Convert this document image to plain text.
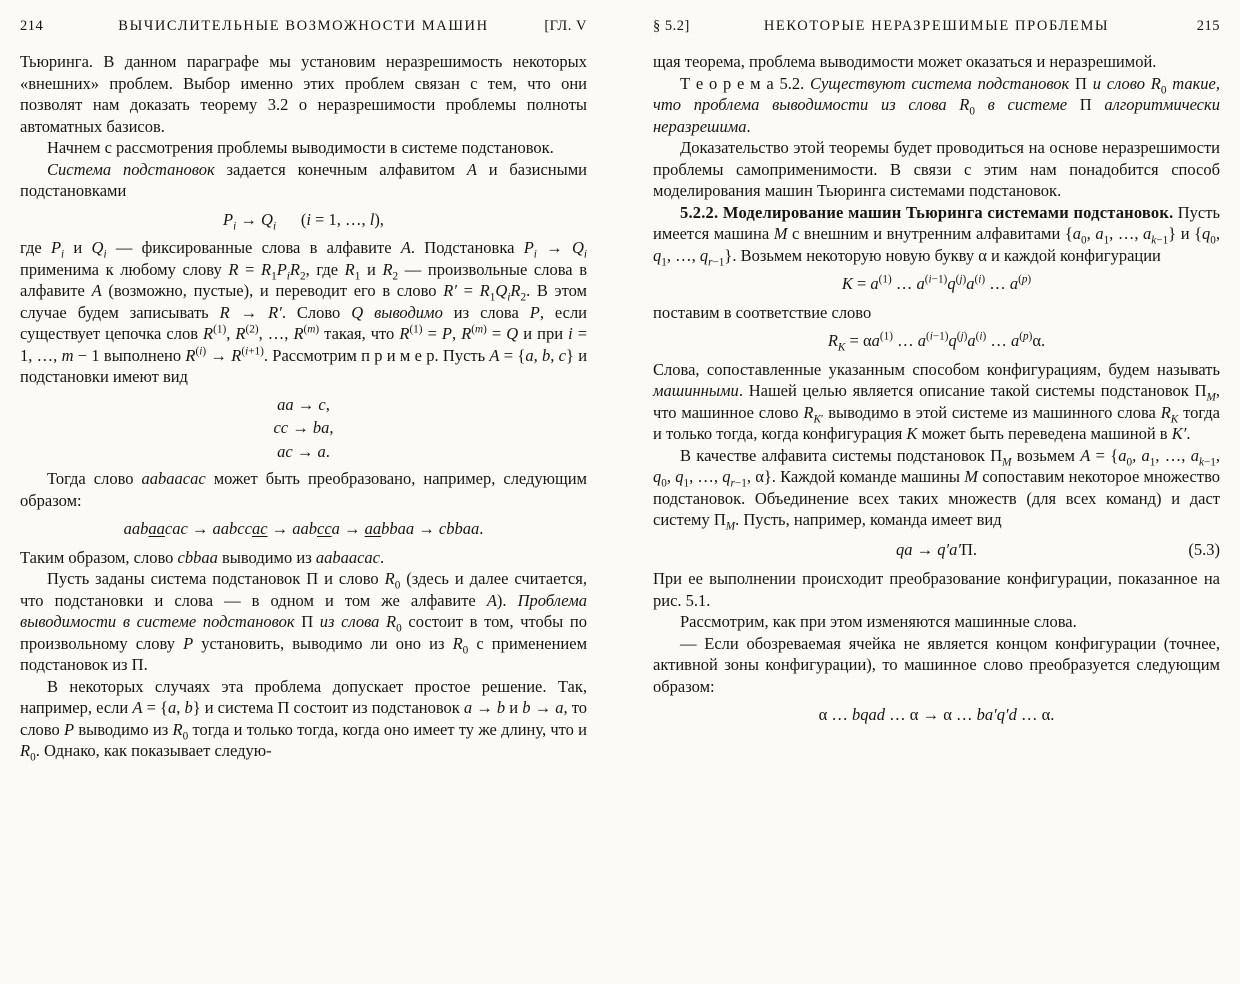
214	ВЫЧИСЛИТЕЛЬНЫЕ ВОЗМОЖНОСТИ МАШИН	[ГЛ. V

Тьюринга. В данном параграфе мы установим неразрешимость некоторых «внешних» проблем. Выбор именно этих проблем связан с тем, что они позволят нам доказать теорему 3.2 о неразрешимости проблемы полноты автоматных базисов.

Начнем с рассмотрения проблемы выводимости в системе подстановок.

Система подстановок задается конечным алфавитом A и базисными подстановками

$P_i \to Q_i$      (i = 1, …, l),

где $P_i$ и $Q_i$ — фиксированные слова в алфавите A. Подстановка $P_i \to Q_i$ применима к любому слову $R = R_1P_iR_2$, где $R_1$ и $R_2$ — произвольные слова в алфавите A (возможно, пустые), и переводит его в слово $R' = R_1Q_iR_2$. В этом случае будем записывать R → R′. Слово Q выводимо из слова P, если существует цепочка слов $R^{(1)}$, $R^{(2)}$, …, $R^{(m)}$ такая, что $R^{(1)} = P$, $R^{(m)} = Q$ и при i = 1, …, m − 1 выполнено $R^{(i)} \to R^{(i+1)}$. Рассмотрим п р и м е р. Пусть A = {a, b, c} и подстановки имеют вид

aa → c,
cc → ba,
ac → a.

Тогда слово aabaacac может быть преобразовано, например, следующим образом:

aabaacac → aabccac → aabcca → aabbaa → cbbaa.

Таким образом, слово cbbaa выводимо из aabaacac.

Пусть заданы система подстановок П и слово $R_0$ (здесь и далее считается, что подстановки и слова — в одном и том же алфавите A). Проблема выводимости в системе подстановок П из слова $R_0$ состоит в том, чтобы по произвольному слову P установить, выводимо ли оно из $R_0$ с применением подстановок из П.

В некоторых случаях эта проблема допускает простое решение. Так, например, если A = {a, b} и система П состоит из подстановок a → b и b → a, то слово P выводимо из $R_0$ тогда и только тогда, когда оно имеет ту же длину, что и $R_0$. Однако, как показывает следую-

§ 5.2]	НЕКОТОРЫЕ НЕРАЗРЕШИМЫЕ ПРОБЛЕМЫ	215

щая теорема, проблема выводимости может оказаться и неразрешимой.

Т е о р е м а 5.2. Существуют система подстановок П и слово $R_0$ такие, что проблема выводимости из слова $R_0$ в системе П алгоритмически неразрешима.

Доказательство этой теоремы будет проводиться на основе неразрешимости проблемы самоприменимости. В связи с этим нам понадобится способ моделирования машин Тьюринга системами подстановок.

5.2.2. Моделирование машин Тьюринга системами подстановок. Пусть имеется машина M с внешним и внутренним алфавитами {$a_0$, $a_1$, …, $a_{k-1}$} и {$q_0$, $q_1$, …, $q_{r-1}$}. Возьмем некоторую новую букву α и каждой конфигурации

$K = a^{(1)}$ … $a^{(i-1)}q^{(j)}a^{(i)}$ … $a^{(p)}$

поставим в соответствие слово

$R_K = \alpha a^{(1)}$ … $a^{(i-1)}q^{(j)}a^{(i)}$ … $a^{(p)}\alpha$.

Слова, сопоставленные указанным способом конфигурациям, будем называть машинными. Нашей целью является описание такой системы подстановок $П_M$, что машинное слово $R_{K'}$ выводимо в этой системе из машинного слова $R_K$ тогда и только тогда, когда конфигурация K может быть переведена машиной в K′.

В качестве алфавита системы подстановок $П_M$ возьмем $A = \{a_0$, $a_1$, …, $a_{k-1}$, $q_0$, $q_1$, …, $q_{r-1}$, α}. Каждой команде машины M сопоставим некоторое множество подстановок. Объединение всех таких множеств (для всех команд) и даст систему $П_M$. Пусть, например, команда имеет вид

qa → q′a′П.	(5.3)

При ее выполнении происходит преобразование конфигурации, показанное на рис. 5.1.

Рассмотрим, как при этом изменяются машинные слова.

— Если обозреваемая ячейка не является концом конфигурации (точнее, активной зоны конфигурации), то машинное слово преобразуется следующим образом:

α … bqad … α → α … ba′q′d … α.
